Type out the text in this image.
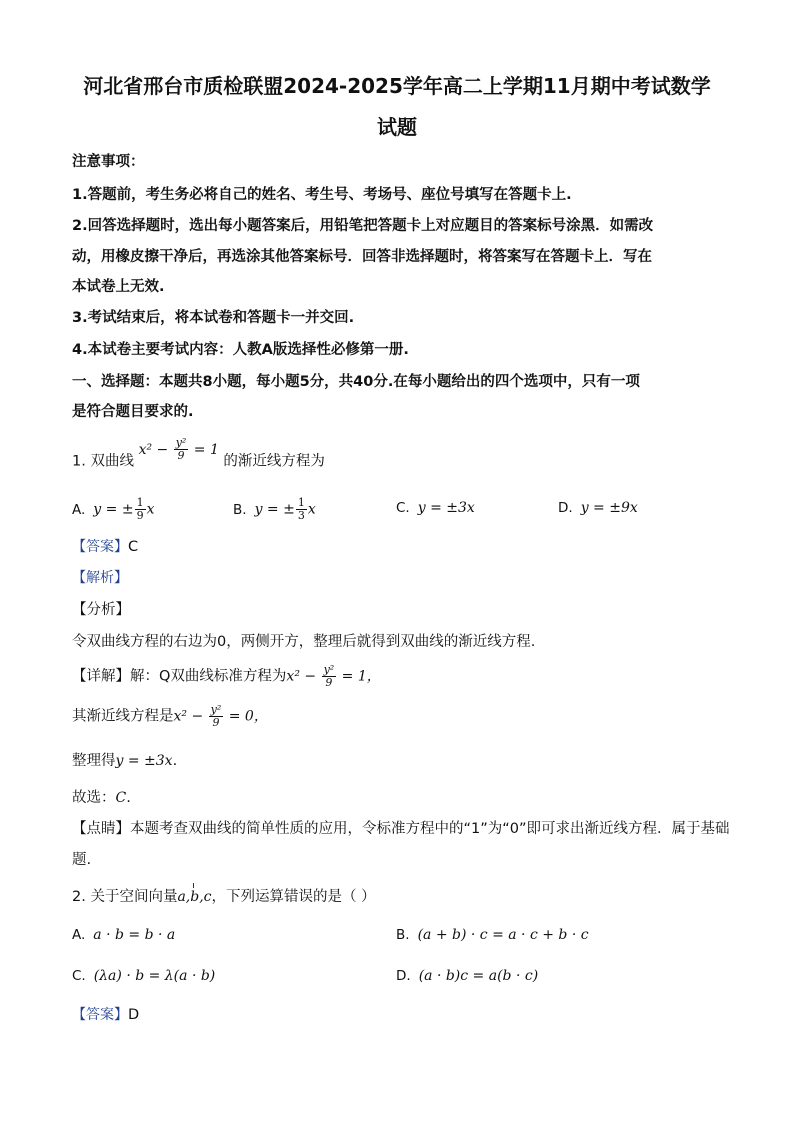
河北省邢台市质检联盟2024-2025学年高二上学期11月期中考试数学
试题
注意事项：
1.答题前，考生务必将自己的姓名、考生号、考场号、座位号填写在答题卡上.
2.回答选择题时，选出每小题答案后，用铅笔把答题卡上对应题目的答案标号涂黑．如需改
动，用橡皮擦干净后，再选涂其他答案标号．回答非选择题时，将答案写在答题卡上．写在
本试卷上无效.
3.考试结束后，将本试卷和答题卡一并交回.
4.本试卷主要考试内容：人教A版选择性必修第一册.
一、选择题：本题共8小题，每小题5分，共40分.在每小题给出的四个选项中，只有一项
是符合题目要求的.
1. 双曲线 $x^2 - \frac{\text{y²}}{9} = 1$ 的渐近线方程为
A. y = ± $\frac{1}{9}$ x	B. y = ± $\frac{1}{3}$ x	C. y = ±3x	D. y = ±9x
【答案】C
【解析】
【分析】
令双曲线方程的右边为0，两侧开方，整理后就得到双曲线的渐近线方程.
【详解】解：Q双曲线标准方程为$x^2 - \frac{\text{y²}}{9} = 1$，
其渐近线方程是$x^2 - \frac{\text{y²}}{9} = 0$，
整理得y = ±3x.
故选：C.
【点睛】本题考查双曲线的简单性质的应用，令标准方程中的“1”为“0”即可求出渐近线方程．属于基础
题.
2. 关于空间向量a,b,c，下列运算错误的是（ ）
A. a · b = b · a	B. (a + b) · c = a · c + b · c
C. (λa) · b = λ(a · b)	D. (a · b)c = a(b · c)
【答案】D
